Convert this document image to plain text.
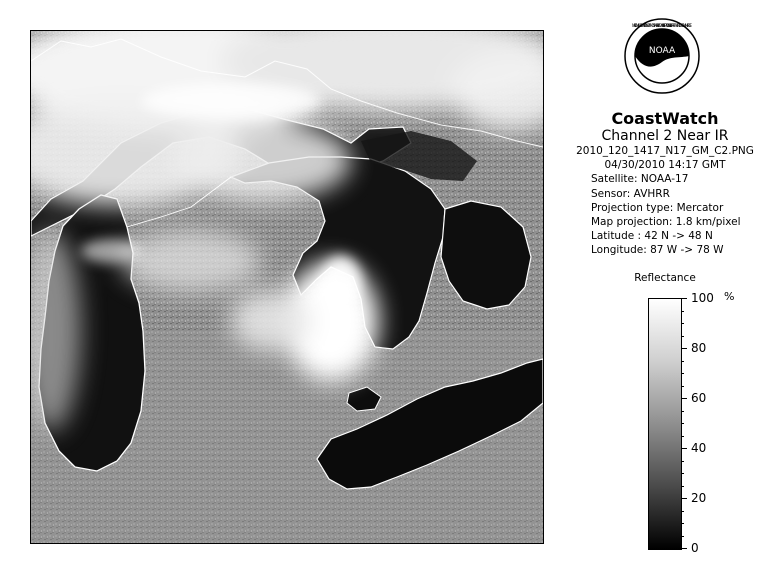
NOAA
NATIONAL OCEANIC AND ATMOSPHERIC ADMINISTRATION · U.S. DEPARTMENT OF COMMERCE
CoastWatch
Channel 2 Near IR
2010_120_1417_N17_GM_C2.PNG
04/30/2010 14:17 GMT
Satellite: NOAA-17
Sensor: AVHRR
Projection type: Mercator
Map projection: 1.8 km/pixel
Latitude : 42 N -> 48 N
Longitude: 87 W -> 78 W
Reflectance
%
100
80
60
40
20
0
